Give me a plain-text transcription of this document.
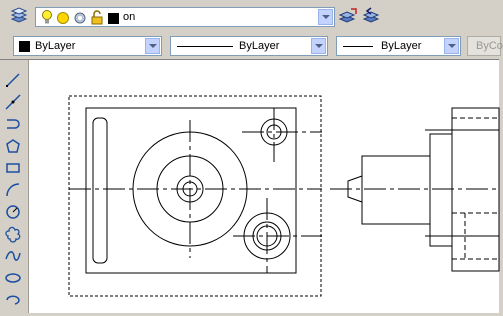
on
ByLayer	ByLayer	ByLayer	ByCo
